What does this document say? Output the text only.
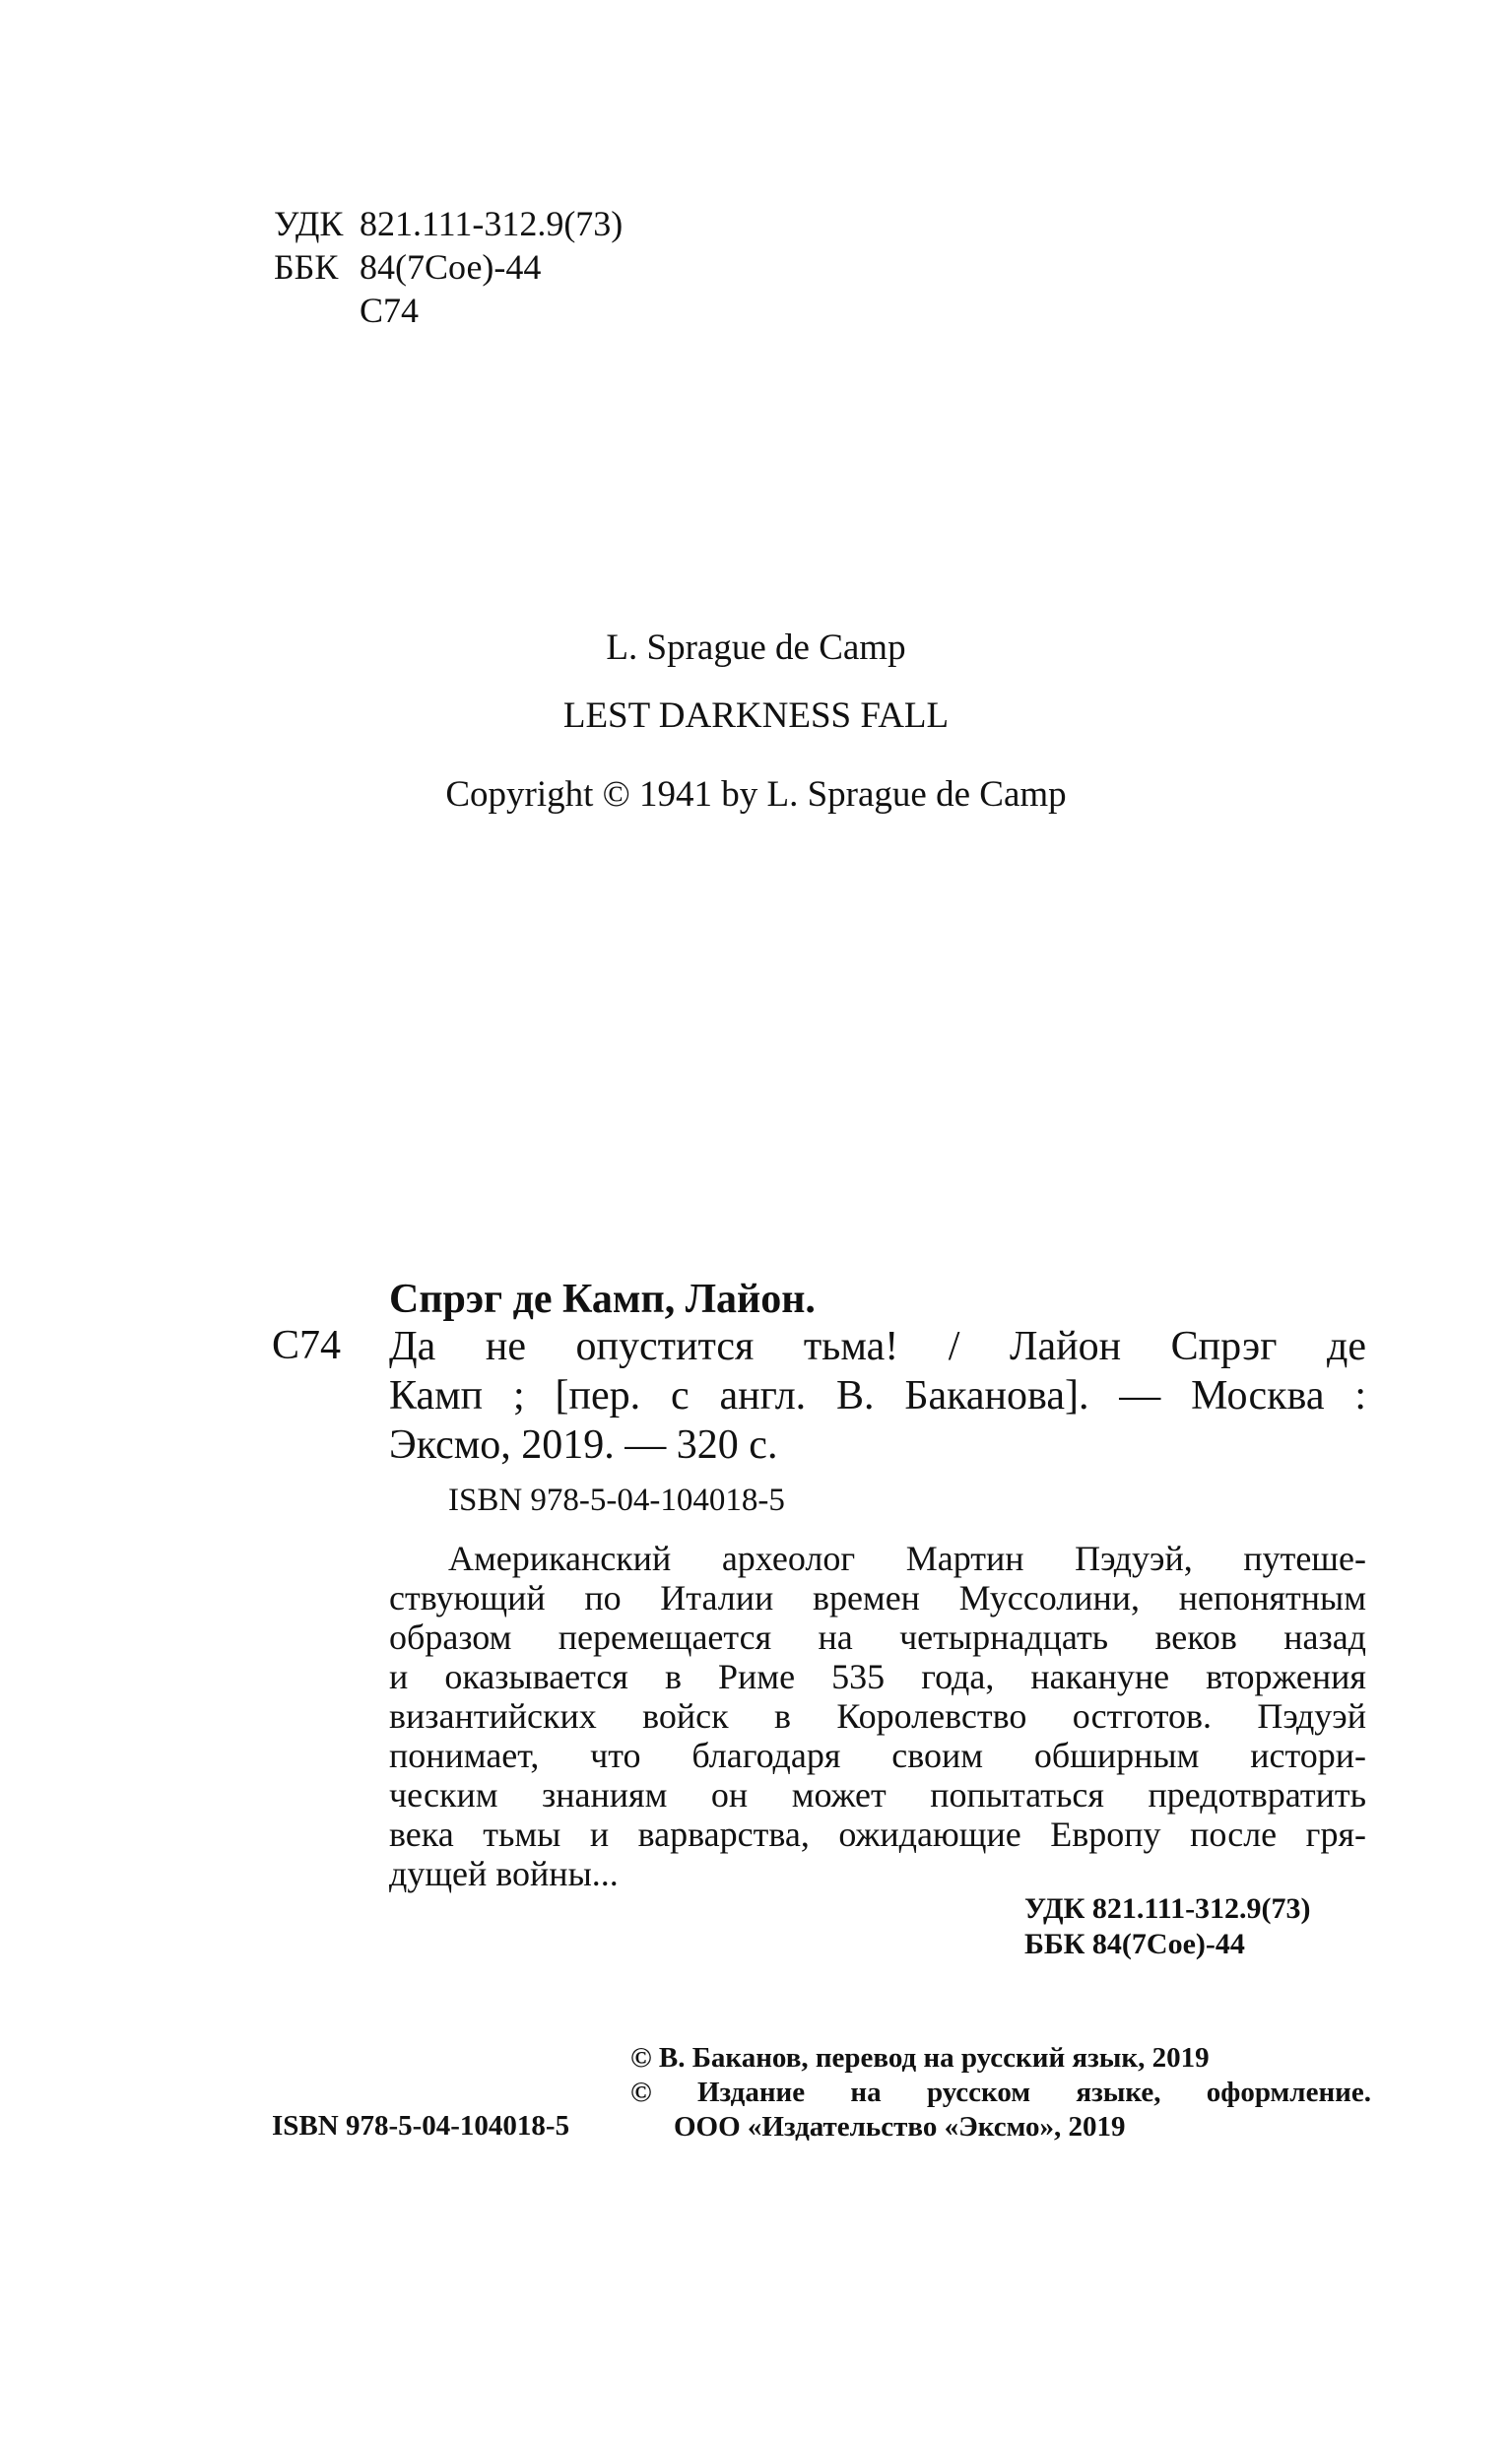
УДК 821.111-312.9(73)
ББК 84(7Сое)-44
С74
L. Sprague de Camp
LEST DARKNESS FALL
Copyright © 1941 by L. Sprague de Camp
Спрэг де Камп, Лайон.
С74 Да не опустится тьма! / Лайон Спрэг де

Камп ; [пер. с англ. В. Баканова]. — Москва :

Эксмо, 2019. — 320 с.

ISBN 978-5-04-104018-5
Американский археолог Мартин Пэдуэй, путеше-
ствующий по Италии времен Муссолини, непонятным
образом перемещается на четырнадцать веков назад
и оказывается в Риме 535 года, накануне вторжения
византийских войск в Королевство остготов. Пэдуэй
понимает, что благодаря своим обширным истори-
ческим знаниям он может попытаться предотвратить
века тьмы и варварства, ожидающие Европу после гря-
дущей войны...
УДК 821.111-312.9(73)
ББК 84(7Сое)-44
© В. Баканов, перевод на русский язык, 2019
© Издание на русском языке, оформление.
ООО «Издательство «Эксмо», 2019
ISBN 978-5-04-104018-5
